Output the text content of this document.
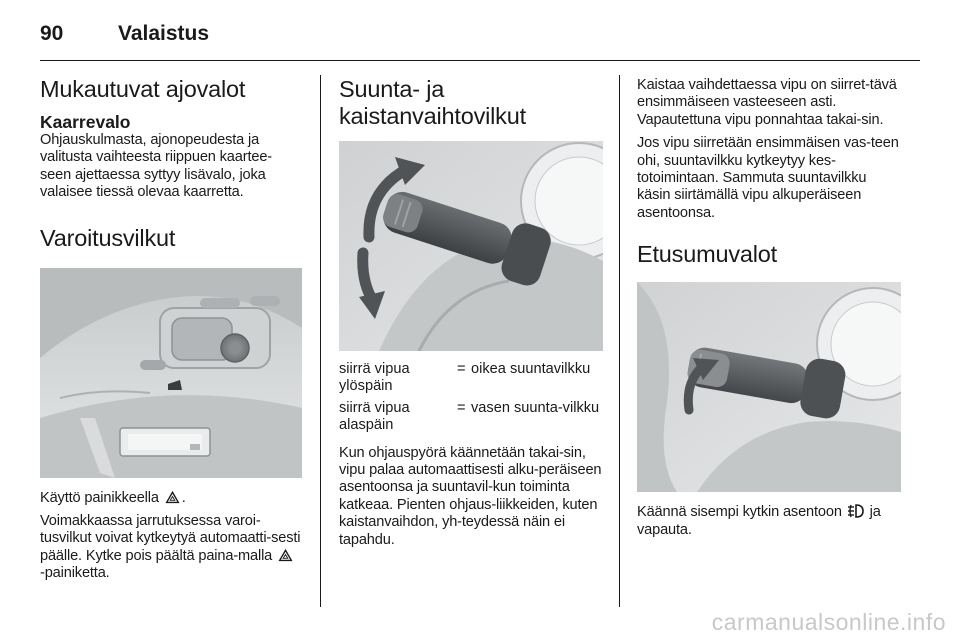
90	Valaistus
Mukautuvat ajovalot
Kaarrevalo
Ohjauskulmasta, ajonopeudesta ja valitusta vaihteesta riippuen kaartee-seen ajettaessa syttyy lisävalo, joka valaisee tiessä olevaa kaarretta.
Varoitusvilkut
Käyttö painikkeella .
Voimakkaassa jarrutuksessa varoi-tusvilkut voivat kytkeytyä automaatti-sesti päälle. Kytke pois päältä paina-malla  -painiketta.
Suunta- ja kaistanvaihtovilkut
siirrä vipua ylöspäin
= oikea suuntavilkku
siirrä vipua alaspäin
= vasen suunta-vilkku
Kun ohjauspyörä käännetään takai-sin, vipu palaa automaattisesti alku-peräiseen asentoonsa ja suuntavil-kun toiminta katkeaa. Pienten ohjaus-liikkeiden, kuten kaistanvaihdon, yh-teydessä näin ei tapahdu.
Kaistaa vaihdettaessa vipu on siirret-tävä ensimmäiseen vasteeseen asti. Vapautettuna vipu ponnahtaa takai-sin.
Jos vipu siirretään ensimmäisen vas-teen ohi, suuntavilkku kytkeytyy kes-totoimintaan. Sammuta suuntavilkku käsin siirtämällä vipu alkuperäiseen asentoonsa.
Etusumuvalot
Käännä sisempi kytkin asentoon ja vapauta.
carmanualsonline.info
